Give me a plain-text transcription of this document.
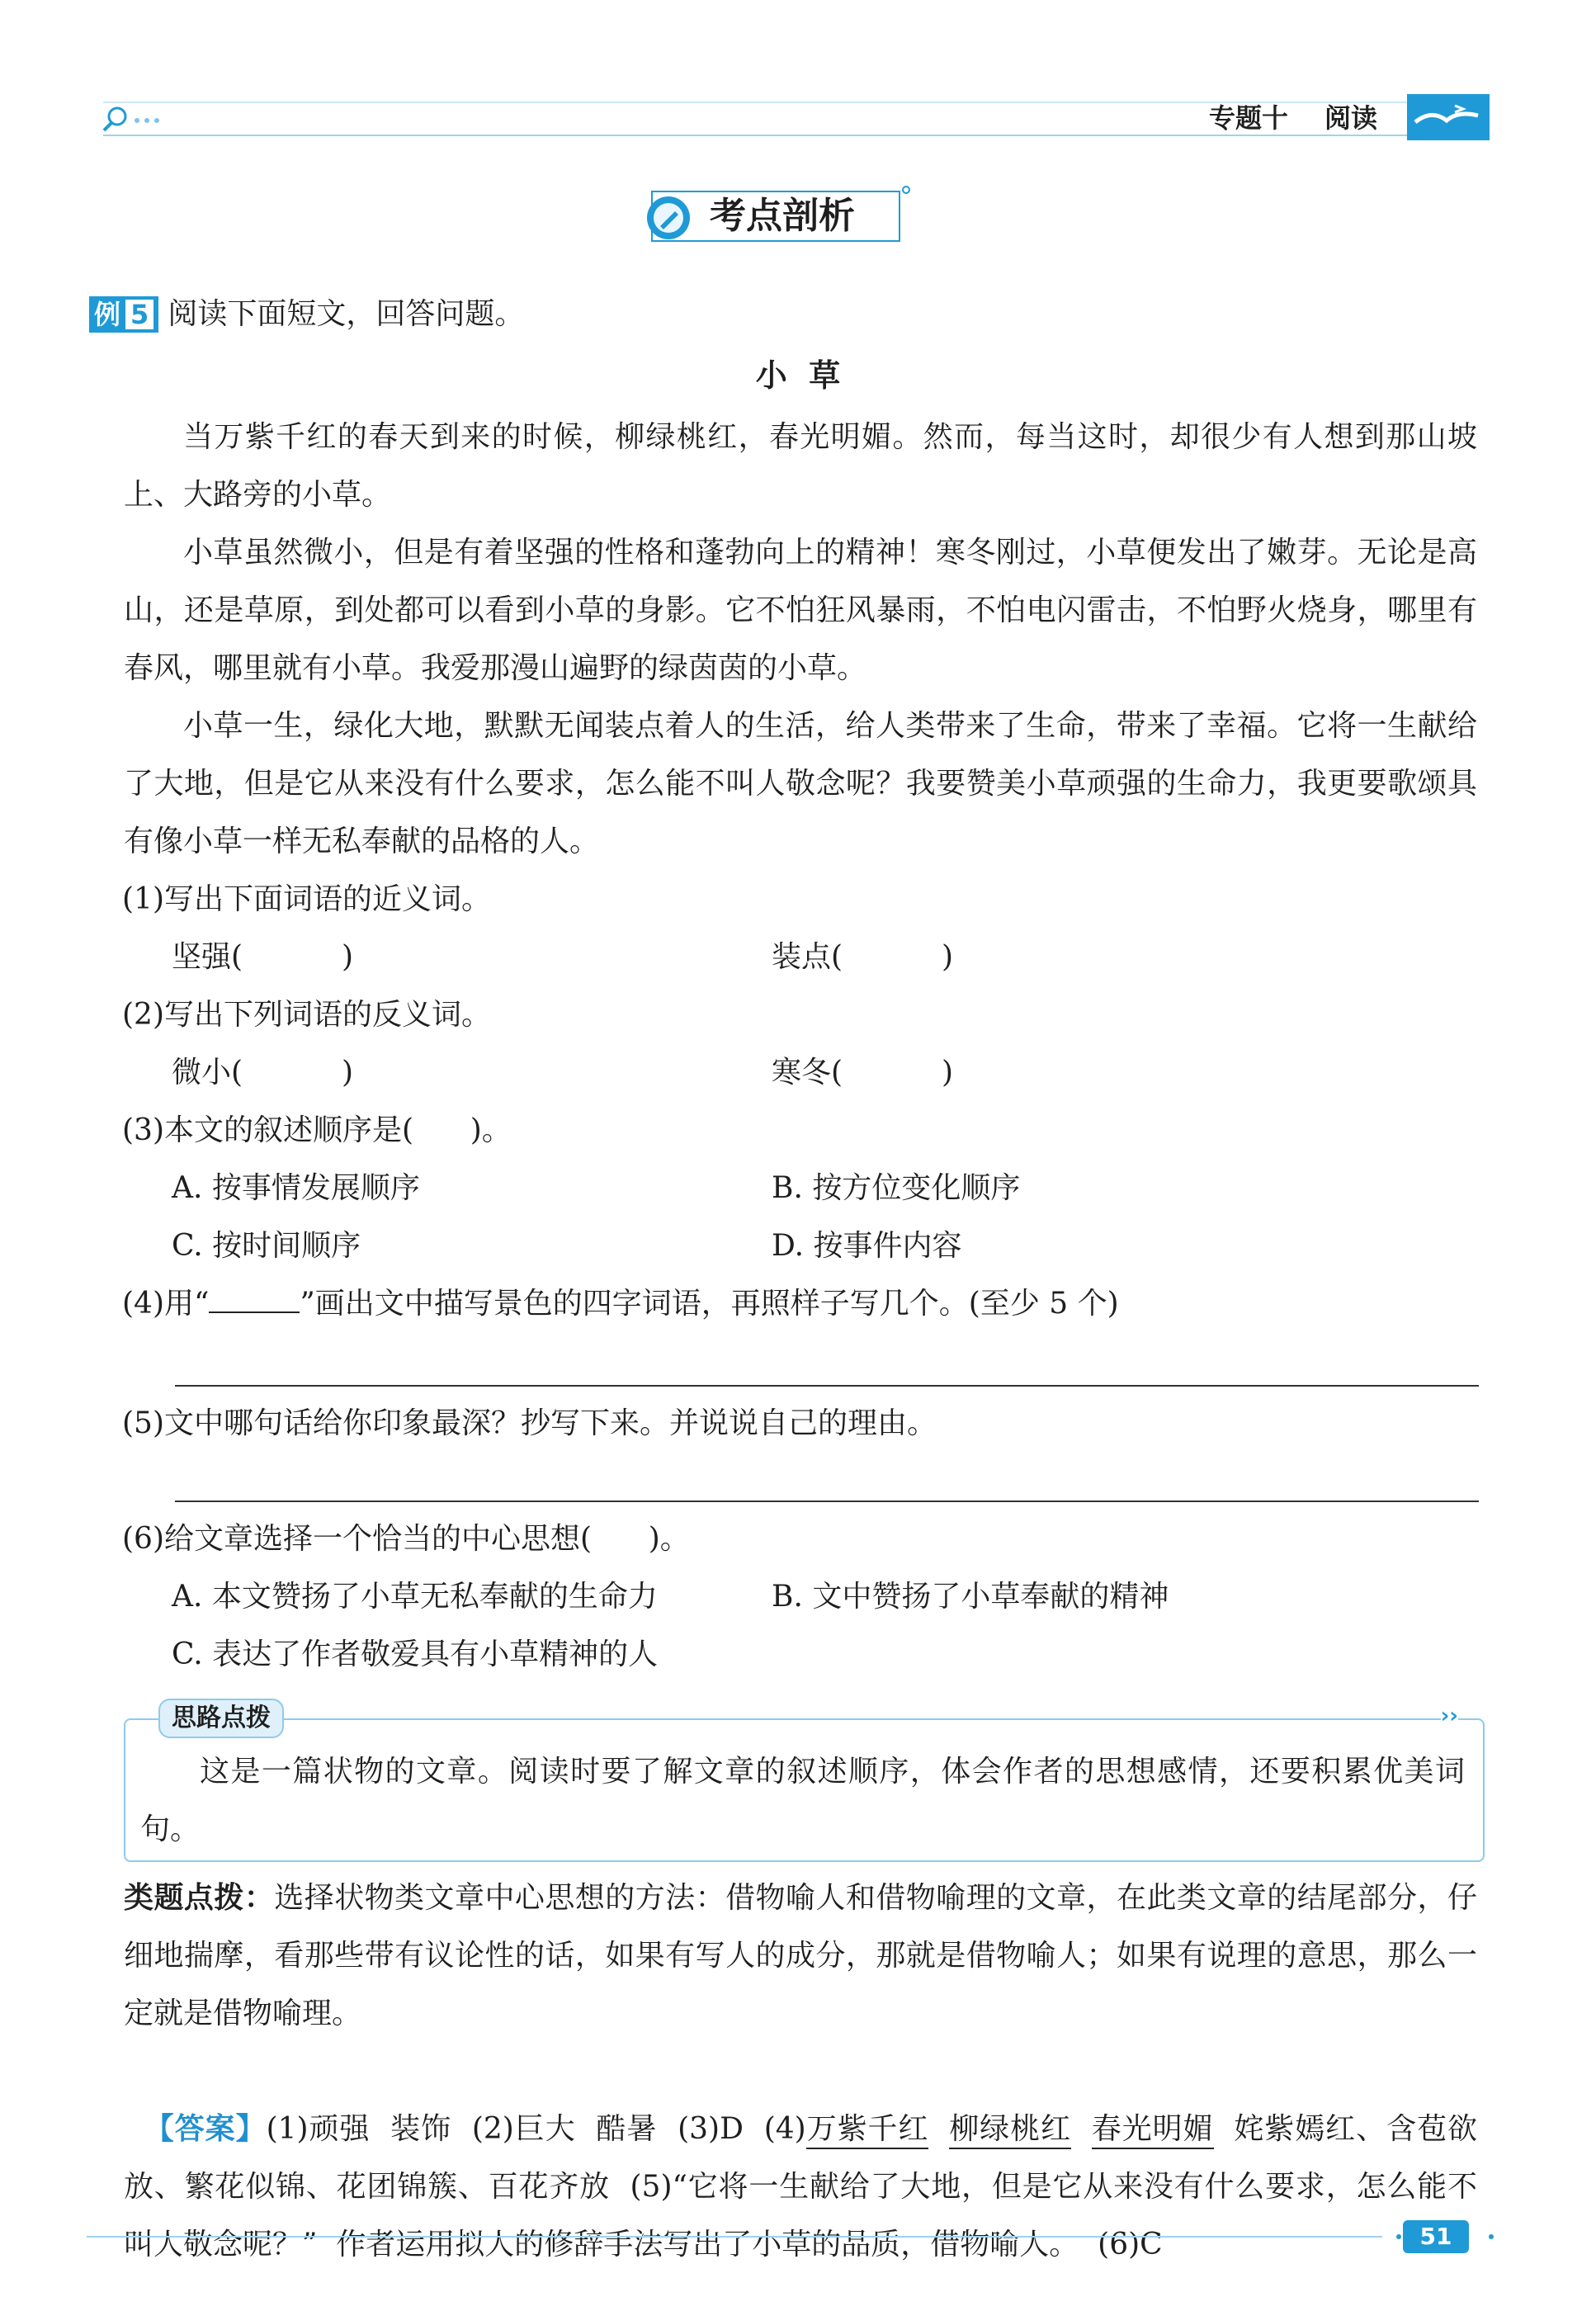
专题十 阅读
考点剖析
例 5 阅读下面短文，回答问题。
小  草
当万紫千红的春天到来的时候，柳绿桃红，春光明媚。然而，每当这时，却很少有人想到那山坡上、大路旁的小草。
小草虽然微小，但是有着坚强的性格和蓬勃向上的精神！寒冬刚过，小草便发出了嫩芽。无论是高山，还是草原，到处都可以看到小草的身影。它不怕狂风暴雨，不怕电闪雷击，不怕野火烧身，哪里有春风，哪里就有小草。我爱那漫山遍野的绿茵茵的小草。
小草一生，绿化大地，默默无闻装点着人的生活，给人类带来了生命，带来了幸福。它将一生献给了大地，但是它从来没有什么要求，怎么能不叫人敬念呢？我要赞美小草顽强的生命力，我更要歌颂具有像小草一样无私奉献的品格的人。
(1)写出下面词语的近义词。
坚强(	)	装点(	)
(2)写出下列词语的反义词。
微小(	)	寒冬(	)
(3)本文的叙述顺序是(      )。
A. 按事情发展顺序	B. 按方位变化顺序
C. 按时间顺序	D. 按事件内容
(4)用“	”画出文中描写景色的四字词语，再照样子写几个。(至少 5 个)
(5)文中哪句话给你印象最深？抄写下来。并说说自己的理由。
(6)给文章选择一个恰当的中心思想(      )。
A. 本文赞扬了小草无私奉献的生命力	B. 文中赞扬了小草奉献的精神
C. 表达了作者敬爱具有小草精神的人
思路点拨	››
这是一篇状物的文章。阅读时要了解文章的叙述顺序，体会作者的思想感情，还要积累优美词句。
类题点拨：选择状物类文章中心思想的方法：借物喻人和借物喻理的文章，在此类文章的结尾部分，仔细地揣摩，看那些带有议论性的话，如果有写人的成分，那就是借物喻人；如果有说理的意思，那么一定就是借物喻理。

【答案】(1)顽强  装饰  (2)巨大  酷暑  (3)D  (4)万紫千红 柳绿桃红 春光明媚  姹紫嫣红、含苞欲放、繁花似锦、花团锦簇、百花齐放  (5)“它将一生献给了大地，但是它从来没有什么要求，怎么能不叫人敬念呢？”  作者运用拟人的修辞手法写出了小草的品质，借物喻人。  (6)C	51
